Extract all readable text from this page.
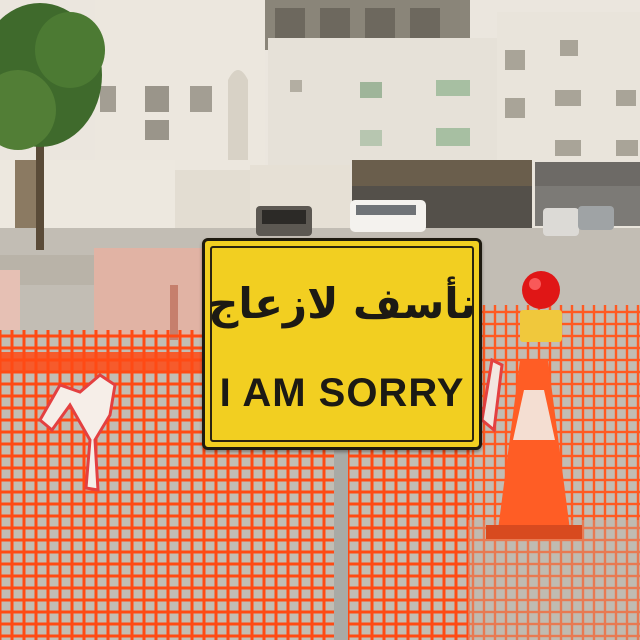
نأسف لازعاج
I AM SORRY
